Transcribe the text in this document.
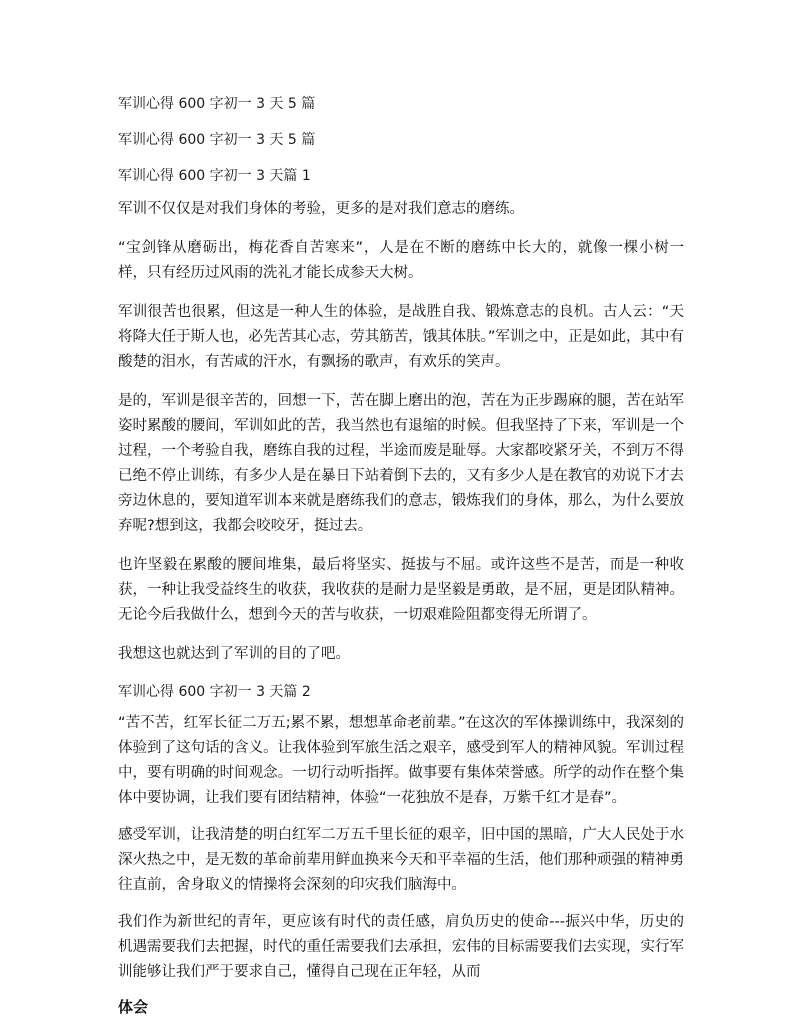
军训心得 600 字初一 3 天 5 篇
军训心得 600 字初一 3 天 5 篇
军训心得 600 字初一 3 天篇 1
军训不仅仅是对我们身体的考验，更多的是对我们意志的磨练。
“宝剑锋从磨砺出，梅花香自苦寒来”，人是在不断的磨练中长大的，就像一棵小树一样，只有经历过风雨的洗礼才能长成参天大树。
军训很苦也很累，但这是一种人生的体验，是战胜自我、锻炼意志的良机。古人云：“天将降大任于斯人也，必先苦其心志，劳其筋苦，饿其体肤。”军训之中，正是如此，其中有酸楚的泪水，有苦咸的汗水，有飘扬的歌声，有欢乐的笑声。
是的，军训是很辛苦的，回想一下，苦在脚上磨出的泡，苦在为正步踢麻的腿，苦在站军姿时累酸的腰间，军训如此的苦，我当然也有退缩的时候。但我坚持了下来，军训是一个过程，一个考验自我，磨练自我的过程，半途而废是耻辱。大家都咬紧牙关，不到万不得已绝不停止训练，有多少人是在暴日下站着倒下去的，又有多少人是在教官的劝说下才去旁边休息的，要知道军训本来就是磨练我们的意志，锻炼我们的身体，那么，为什么要放弃呢?想到这，我都会咬咬牙，挺过去。
也许坚毅在累酸的腰间堆集，最后将坚实、挺拔与不屈。或许这些不是苦，而是一种收获，一种让我受益终生的收获，我收获的是耐力是坚毅是勇敢，是不屈，更是团队精神。无论今后我做什么，想到今天的苦与收获，一切艰难险阻都变得无所谓了。
我想这也就达到了军训的目的了吧。
军训心得 600 字初一 3 天篇 2
“苦不苦，红军长征二万五;累不累，想想革命老前辈。”在这次的军体操训练中，我深刻的体验到了这句话的含义。让我体验到军旅生活之艰辛，感受到军人的精神风貌。军训过程中，要有明确的时间观念。一切行动听指挥。做事要有集体荣誉感。所学的动作在整个集体中要协调，让我们要有团结精神，体验“一花独放不是春，万紫千红才是春”。
感受军训，让我清楚的明白红军二万五千里长征的艰辛，旧中国的黑暗，广大人民处于水深火热之中，是无数的革命前辈用鲜血换来今天和平幸福的生活，他们那种顽强的精神勇往直前，舍身取义的情操将会深刻的印灾我们脑海中。
我们作为新世纪的青年，更应该有时代的责任感，肩负历史的使命---振兴中华，历史的机遇需要我们去把握，时代的重任需要我们去承担，宏伟的目标需要我们去实现，实行军训能够让我们严于要求自己，懂得自己现在正年轻，从而
体会
